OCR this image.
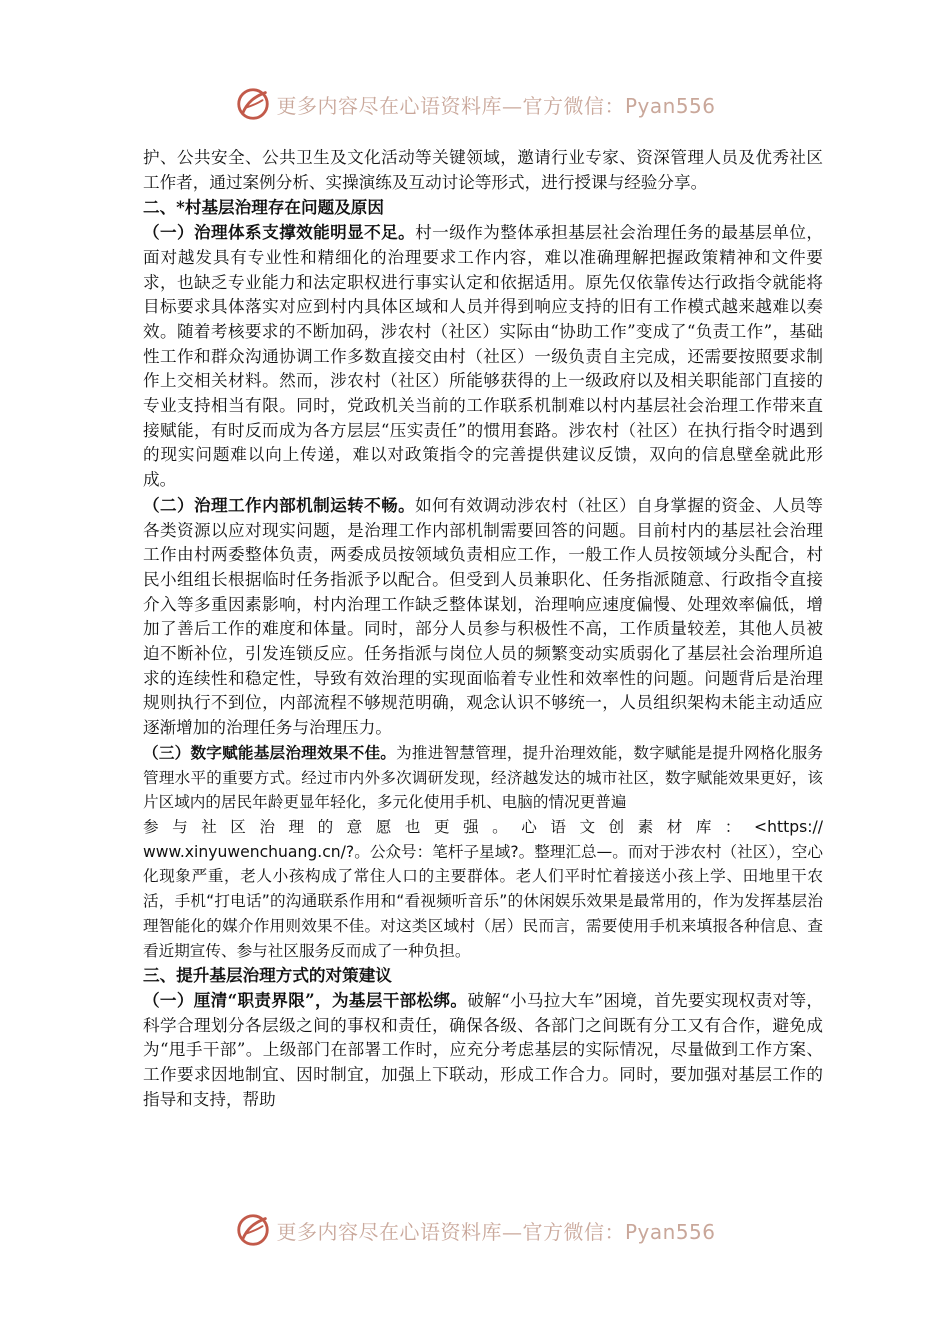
更多内容尽在心语资料库—官方微信：Pyan556

护、公共安全、公共卫生及文化活动等关键领域，邀请行业专家、资深管理人员及优秀社区工作者，通过案例分析、实操演练及互动讨论等形式，进行授课与经验分享。

二、*村基层治理存在问题及原因

（一）治理体系支撑效能明显不足。村一级作为整体承担基层社会治理任务的最基层单位，面对越发具有专业性和精细化的治理要求工作内容，难以准确理解把握政策精神和文件要求，也缺乏专业能力和法定职权进行事实认定和依据适用。原先仅依靠传达行政指令就能将目标要求具体落实对应到村内具体区域和人员并得到响应支持的旧有工作模式越来越难以奏效。随着考核要求的不断加码，涉农村（社区）实际由“协助工作”变成了“负责工作”，基础性工作和群众沟通协调工作多数直接交由村（社区）一级负责自主完成，还需要按照要求制作上交相关材料。然而，涉农村（社区）所能够获得的上一级政府以及相关职能部门直接的专业支持相当有限。同时，党政机关当前的工作联系机制难以村内基层社会治理工作带来直接赋能，有时反而成为各方层层“压实责任”的惯用套路。涉农村（社区）在执行指令时遇到的现实问题难以向上传递，难以对政策指令的完善提供建议反馈，双向的信息壁垒就此形成。

（二）治理工作内部机制运转不畅。如何有效调动涉农村（社区）自身掌握的资金、人员等各类资源以应对现实问题，是治理工作内部机制需要回答的问题。目前村内的基层社会治理工作由村两委整体负责，两委成员按领域负责相应工作，一般工作人员按领域分头配合，村民小组组长根据临时任务指派予以配合。但受到人员兼职化、任务指派随意、行政指令直接介入等多重因素影响，村内治理工作缺乏整体谋划，治理响应速度偏慢、处理效率偏低，增加了善后工作的难度和体量。同时，部分人员参与积极性不高，工作质量较差，其他人员被迫不断补位，引发连锁反应。任务指派与岗位人员的频繁变动实质弱化了基层社会治理所追求的连续性和稳定性，导致有效治理的实现面临着专业性和效率性的问题。问题背后是治理规则执行不到位，内部流程不够规范明确，观念认识不够统一，人员组织架构未能主动适应逐渐增加的治理任务与治理压力。

（三）数字赋能基层治理效果不佳。为推进智慧管理，提升治理效能，数字赋能是提升网格化服务管理水平的重要方式。经过市内外多次调研发现，经济越发达的城市社区，数字赋能效果更好，该片区域内的居民年龄更显年轻化，多元化使用手机、电脑的情况更普遍
参与社区治理的意愿也更强。心语文创素材库：<https://
www.xinyuwenchuang.cn/?。公众号：笔杆子星域?。整理汇总—。而对于涉农村（社区），空心化现象严重，老人小孩构成了常住人口的主要群体。老人们平时忙着接送小孩上学、田地里干农活，手机“打电话”的沟通联系作用和“看视频听音乐”的休闲娱乐效果是最常用的，作为发挥基层治理智能化的媒介作用则效果不佳。对这类区域村（居）民而言，需要使用手机来填报各种信息、查看近期宣传、参与社区服务反而成了一种负担。
三、提升基层治理方式的对策建议

（一）厘清“职责界限”，为基层干部松绑。破解“小马拉大车”困境，首先要实现权责对等，科学合理划分各层级之间的事权和责任，确保各级、各部门之间既有分工又有合作，避免成为“甩手干部”。上级部门在部署工作时，应充分考虑基层的实际情况，尽量做到工作方案、工作要求因地制宜、因时制宜，加强上下联动，形成工作合力。同时，要加强对基层工作的指导和支持，帮助

更多内容尽在心语资料库—官方微信：Pyan556
